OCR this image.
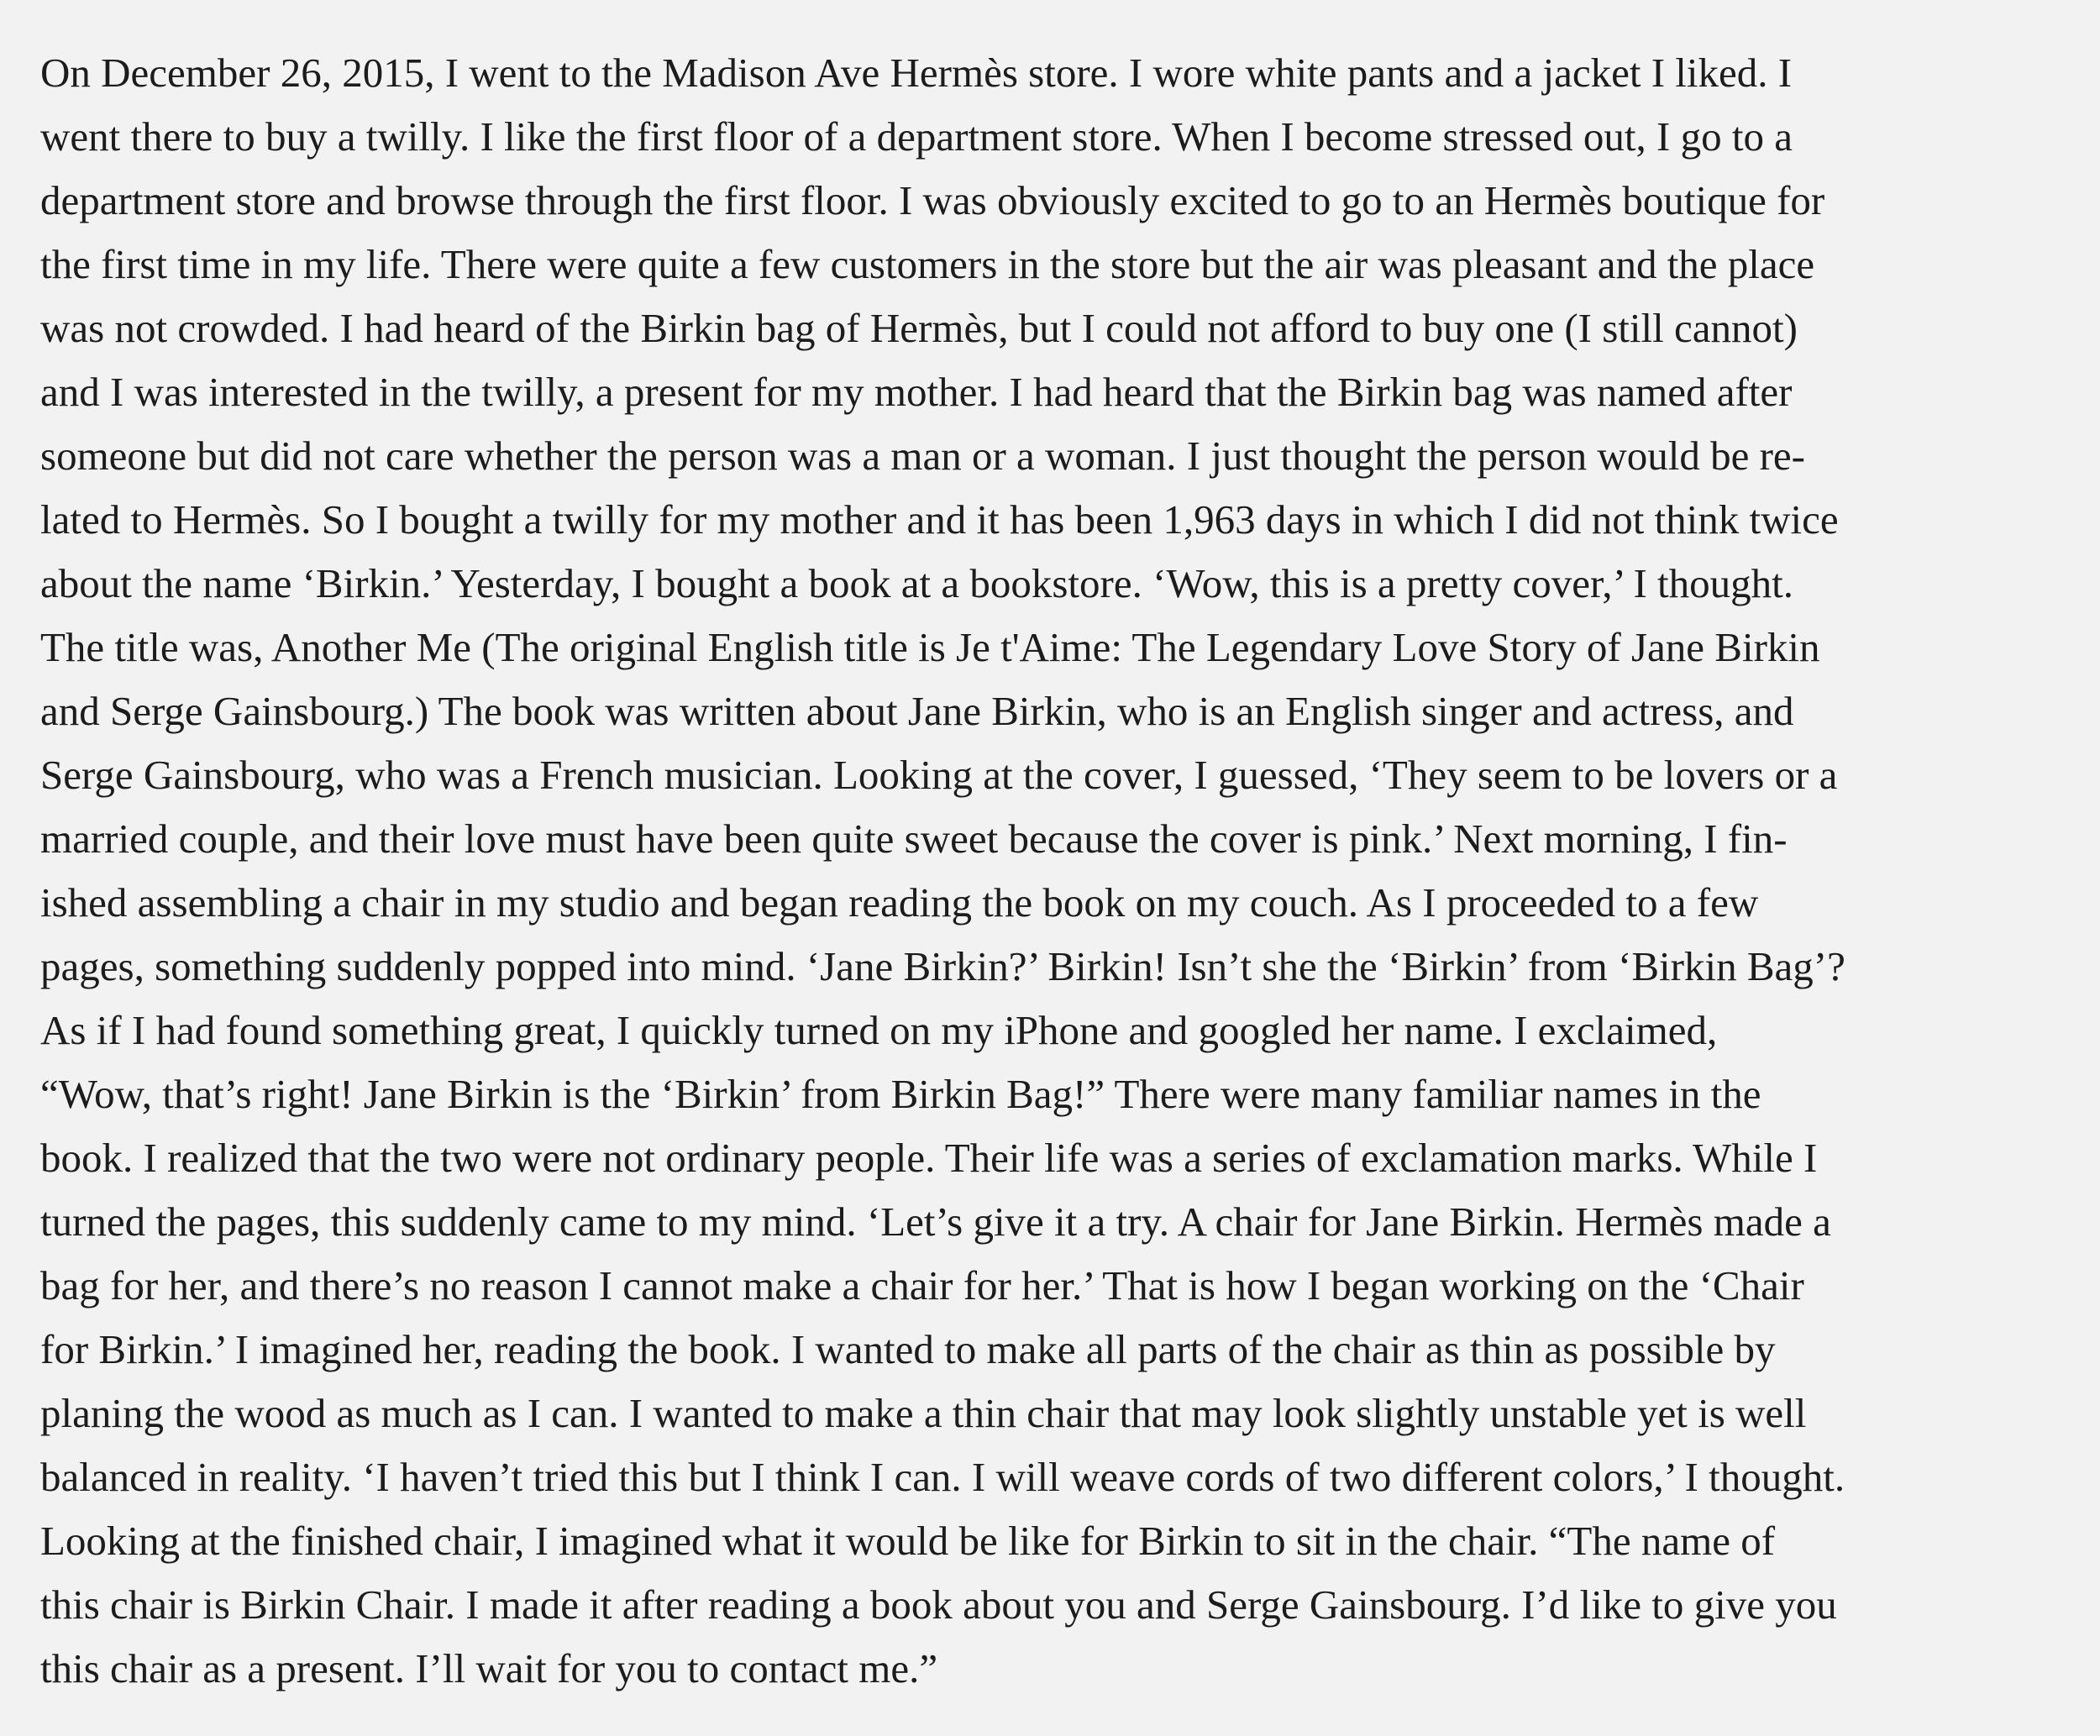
On December 26, 2015, I went to the Madison Ave Hermès store. I wore white pants and a jacket I liked. I
went there to buy a twilly. I like the first floor of a department store. When I become stressed out, I go to a
department store and browse through the first floor. I was obviously excited to go to an Hermès boutique for
the first time in my life. There were quite a few customers in the store but the air was pleasant and the place
was not crowded. I had heard of the Birkin bag of Hermès, but I could not afford to buy one (I still cannot)
and I was interested in the twilly, a present for my mother. I had heard that the Birkin bag was named after
someone but did not care whether the person was a man or a woman. I just thought the person would be re-
lated to Hermès. So I bought a twilly for my mother and it has been 1,963 days in which I did not think twice
about the name ‘Birkin.’ Yesterday, I bought a book at a bookstore. ‘Wow, this is a pretty cover,’ I thought.
The title was, Another Me (The original English title is Je t'Aime: The Legendary Love Story of Jane Birkin
and Serge Gainsbourg.) The book was written about Jane Birkin, who is an English singer and actress, and
Serge Gainsbourg, who was a French musician. Looking at the cover, I guessed, ‘They seem to be lovers or a
married couple, and their love must have been quite sweet because the cover is pink.’ Next morning, I fin-
ished assembling a chair in my studio and began reading the book on my couch. As I proceeded to a few
pages, something suddenly popped into mind. ‘Jane Birkin?’ Birkin! Isn’t she the ‘Birkin’ from ‘Birkin Bag’?
As if I had found something great, I quickly turned on my iPhone and googled her name. I exclaimed,
“Wow, that’s right! Jane Birkin is the ‘Birkin’ from Birkin Bag!” There were many familiar names in the
book. I realized that the two were not ordinary people. Their life was a series of exclamation marks. While I
turned the pages, this suddenly came to my mind. ‘Let’s give it a try. A chair for Jane Birkin. Hermès made a
bag for her, and there’s no reason I cannot make a chair for her.’ That is how I began working on the ‘Chair
for Birkin.’ I imagined her, reading the book. I wanted to make all parts of the chair as thin as possible by
planing the wood as much as I can. I wanted to make a thin chair that may look slightly unstable yet is well
balanced in reality. ‘I haven’t tried this but I think I can. I will weave cords of two different colors,’ I thought.
Looking at the finished chair, I imagined what it would be like for Birkin to sit in the chair. “The name of
this chair is Birkin Chair. I made it after reading a book about you and Serge Gainsbourg. I’d like to give you
this chair as a present. I’ll wait for you to contact me.”
